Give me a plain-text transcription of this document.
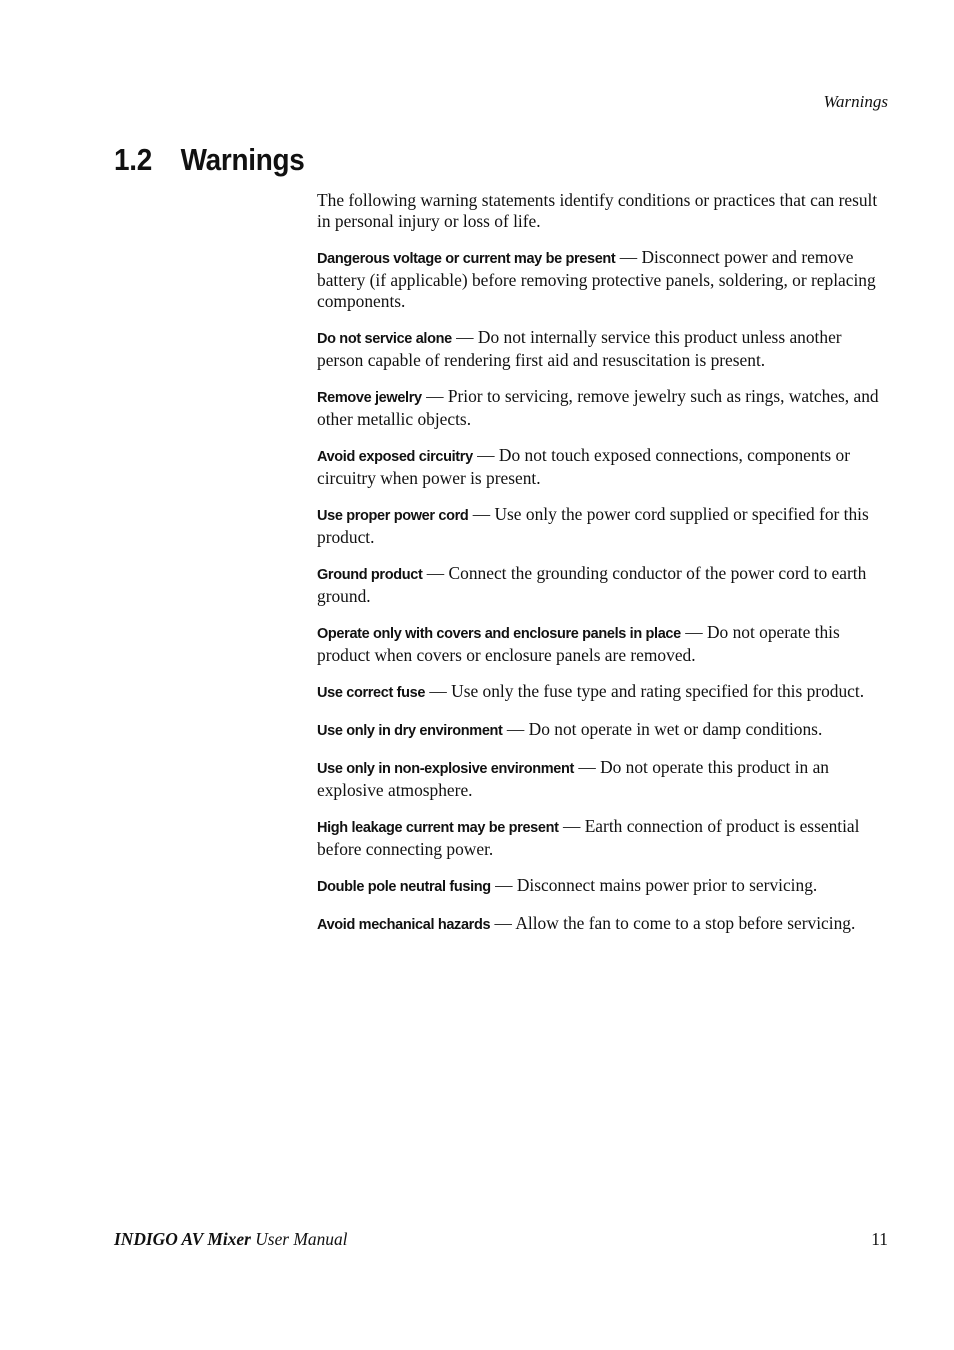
Warnings
1.2 Warnings

The following warning statements identify conditions or practices that can result in personal injury or loss of life.

Dangerous voltage or current may be present — Disconnect power and remove battery (if applicable) before removing protective panels, soldering, or replacing components.

Do not service alone — Do not internally service this product unless another person capable of rendering first aid and resuscitation is present.

Remove jewelry — Prior to servicing, remove jewelry such as rings, watches, and other metallic objects.

Avoid exposed circuitry — Do not touch exposed connections, components or circuitry when power is present.

Use proper power cord — Use only the power cord supplied or specified for this product.

Ground product — Connect the grounding conductor of the power cord to earth ground.

Operate only with covers and enclosure panels in place — Do not operate this product when covers or enclosure panels are removed.

Use correct fuse — Use only the fuse type and rating specified for this product.

Use only in dry environment — Do not operate in wet or damp conditions.

Use only in non-explosive environment — Do not operate this product in an explosive atmosphere.

High leakage current may be present — Earth connection of product is essential before connecting power.

Double pole neutral fusing — Disconnect mains power prior to servicing.

Avoid mechanical hazards — Allow the fan to come to a stop before servicing.

INDIGO AV Mixer User Manual	11
